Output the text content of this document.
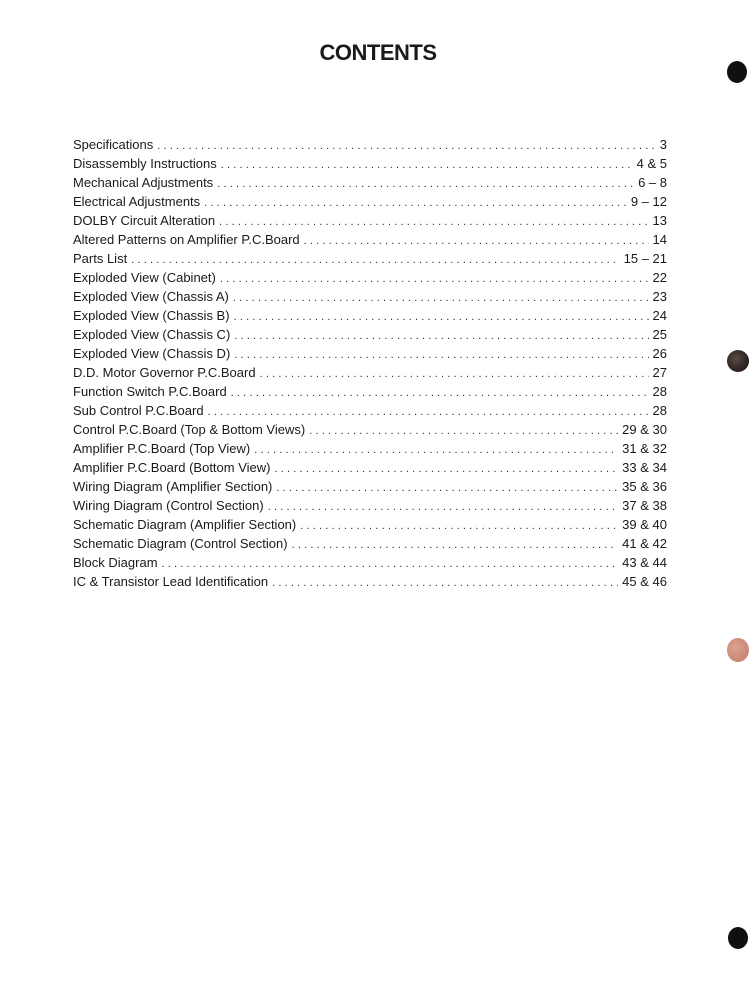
CONTENTS
Specifications .....	3
Disassembly Instructions .....	4 & 5
Mechanical Adjustments .....	6 – 8
Electrical Adjustments .....	9 – 12
DOLBY Circuit Alteration .....	13
Altered Patterns on Amplifier P.C.Board .....	14
Parts List .....	15 – 21
Exploded View (Cabinet) .....	22
Exploded View (Chassis A) .....	23
Exploded View (Chassis B) .....	24
Exploded View (Chassis C) .....	25
Exploded View (Chassis D) .....	26
D.D. Motor Governor P.C.Board .....	27
Function Switch P.C.Board .....	28
Sub Control P.C.Board .....	28
Control P.C.Board (Top & Bottom Views) .....	29 & 30
Amplifier P.C.Board (Top View) .....	31 & 32
Amplifier P.C.Board (Bottom View) .....	33 & 34
Wiring Diagram (Amplifier Section) .....	35 & 36
Wiring Diagram (Control Section) .....	37 & 38
Schematic Diagram (Amplifier Section) .....	39 & 40
Schematic Diagram (Control Section) .....	41 & 42
Block Diagram .....	43 & 44
IC & Transistor Lead Identification .....	45 & 46
